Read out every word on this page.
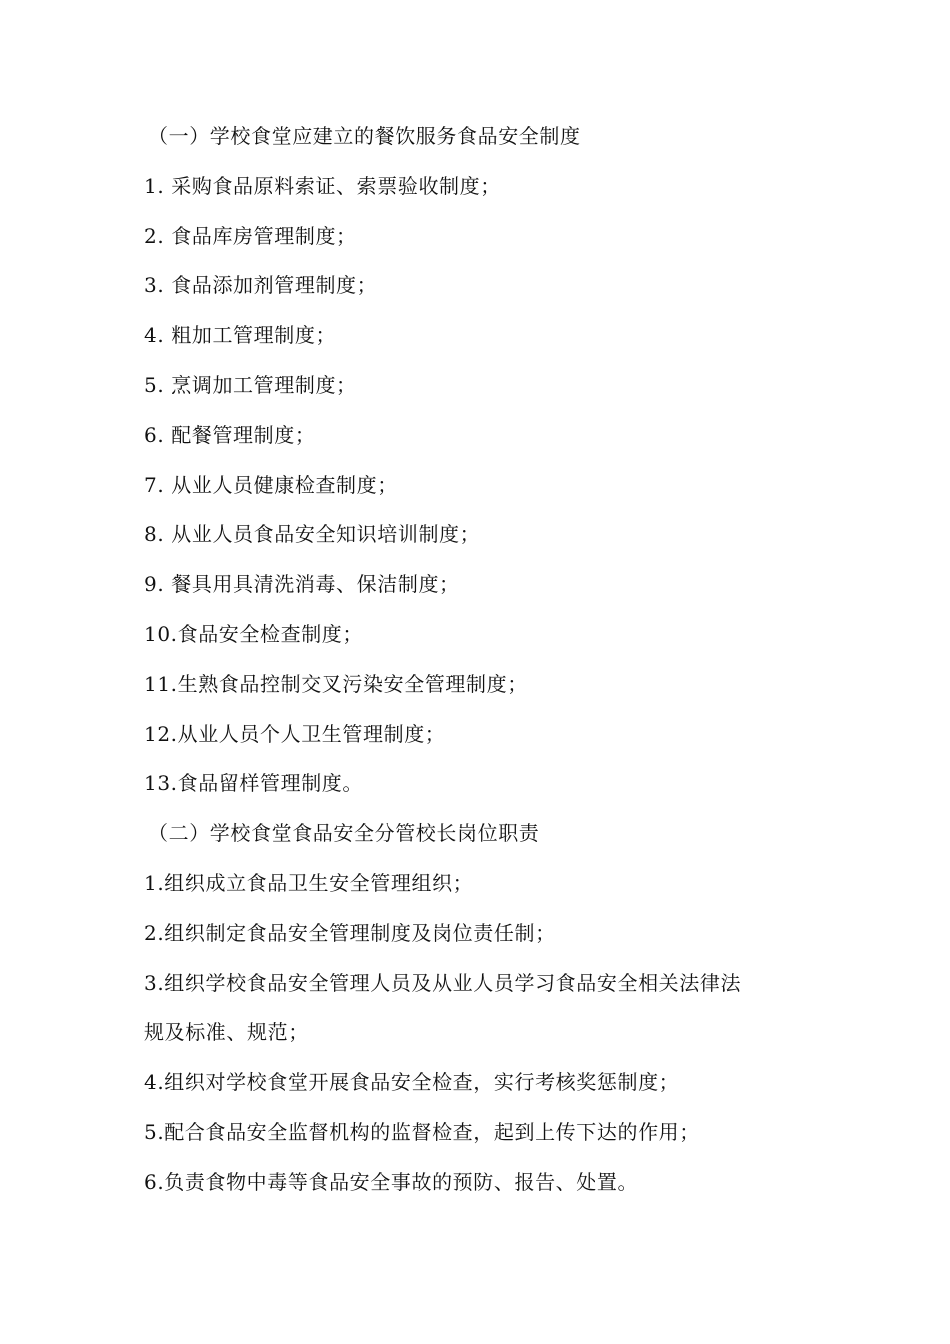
（一）学校食堂应建立的餐饮服务食品安全制度
1. 采购食品原料索证、索票验收制度；
2. 食品库房管理制度；
3. 食品添加剂管理制度；
4. 粗加工管理制度；
5. 烹调加工管理制度；
6. 配餐管理制度；
7. 从业人员健康检查制度；
8. 从业人员食品安全知识培训制度；
9. 餐具用具清洗消毒、保洁制度；
10.食品安全检查制度；
11.生熟食品控制交叉污染安全管理制度；
12.从业人员个人卫生管理制度；
13.食品留样管理制度。
（二）学校食堂食品安全分管校长岗位职责
1.组织成立食品卫生安全管理组织；
2.组织制定食品安全管理制度及岗位责任制；
3.组织学校食品安全管理人员及从业人员学习食品安全相关法律法
规及标准、规范；
4.组织对学校食堂开展食品安全检查，实行考核奖惩制度；
5.配合食品安全监督机构的监督检查，起到上传下达的作用；
6.负责食物中毒等食品安全事故的预防、报告、处置。
